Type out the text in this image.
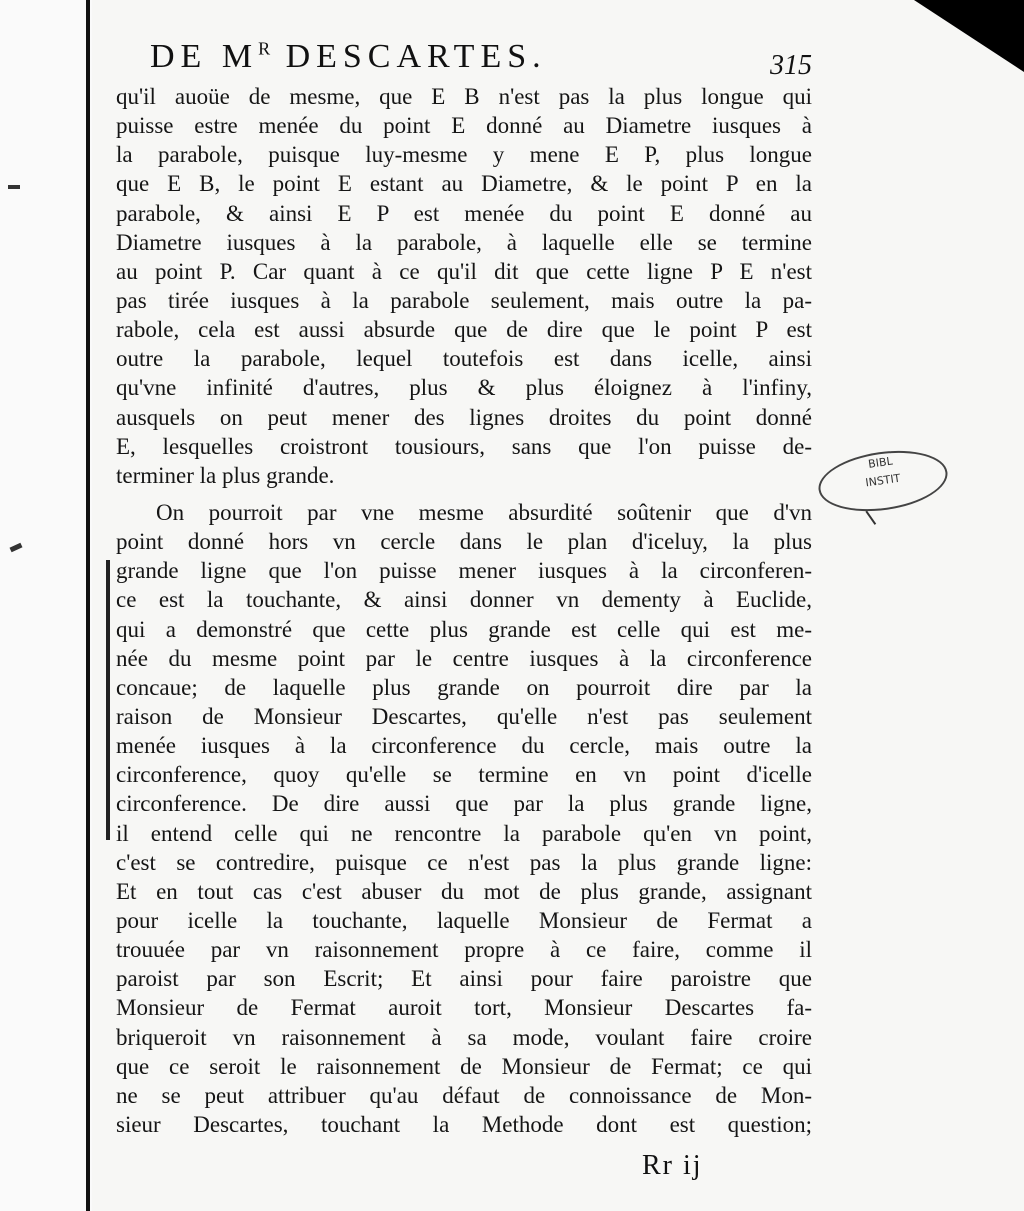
DE $M^R$ DESCARTES.	315

qu'il auoüe de mesme, que E B n'est pas la plus longue qui
puisse estre menée du point E donné au Diametre iusques à
la parabole, puisque luy-mesme y mene E P, plus longue
que E B, le point E estant au Diametre, & le point P en la
parabole, & ainsi E P est menée du point E donné au
Diametre iusques à la parabole, à laquelle elle se termine
au point P. Car quant à ce qu'il dit que cette ligne P E n'est
pas tirée iusques à la parabole seulement, mais outre la pa-
rabole, cela est aussi absurde que de dire que le point P est
outre la parabole, lequel toutefois est dans icelle, ainsi
qu'vne infinité d'autres, plus & plus éloignez à l'infiny,
ausquels on peut mener des lignes droites du point donné
E, lesquelles croistront tousiours, sans que l'on puisse de-
terminer la plus grande.

On pourroit par vne mesme absurdité soûtenir que d'vn
point donné hors vn cercle dans le plan d'iceluy, la plus
grande ligne que l'on puisse mener iusques à la circonferen-
ce est la touchante, & ainsi donner vn dementy à Euclide,
qui a demonstré que cette plus grande est celle qui est me-
née du mesme point par le centre iusques à la circonference
concaue; de laquelle plus grande on pourroit dire par la
raison de Monsieur Descartes, qu'elle n'est pas seulement
menée iusques à la circonference du cercle, mais outre la
circonference, quoy qu'elle se termine en vn point d'icelle
circonference. De dire aussi que par la plus grande ligne,
il entend celle qui ne rencontre la parabole qu'en vn point,
c'est se contredire, puisque ce n'est pas la plus grande ligne:
Et en tout cas c'est abuser du mot de plus grande, assignant
pour icelle la touchante, laquelle Monsieur de Fermat a
trouuée par vn raisonnement propre à ce faire, comme il
paroist par son Escrit; Et ainsi pour faire paroistre que
Monsieur de Fermat auroit tort, Monsieur Descartes fa-
briqueroit vn raisonnement à sa mode, voulant faire croire
que ce seroit le raisonnement de Monsieur de Fermat; ce qui
ne se peut attribuer qu'au défaut de connoissance de Mon-
sieur Descartes, touchant la Methode dont est question;

BIBL
INSTIT
Rr ij
